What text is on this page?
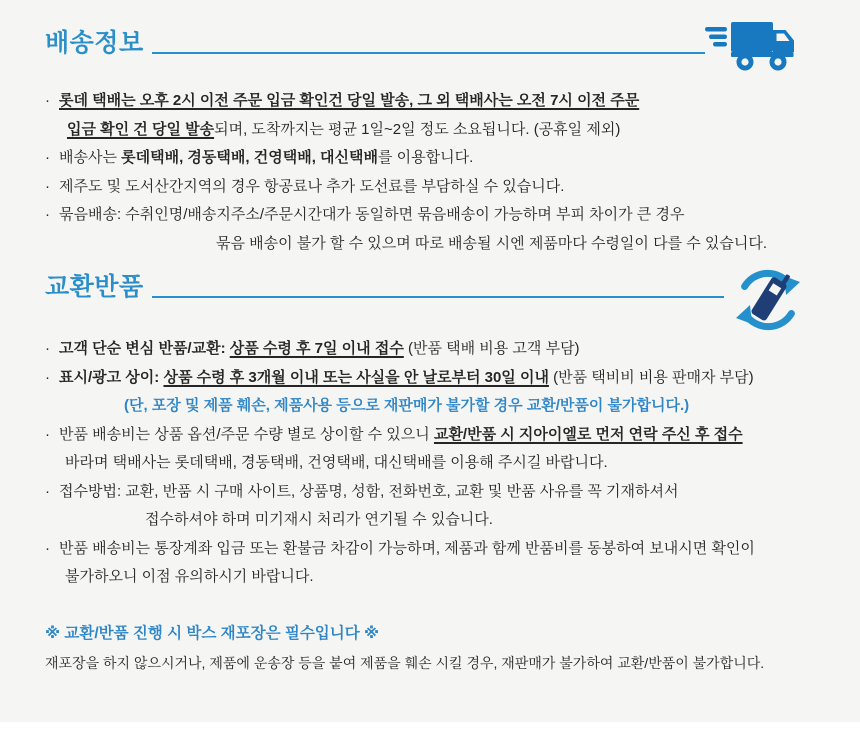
배송정보
· 롯데 택배는 오후 2시 이전 주문 입금 확인건 당일 발송, 그 외 택배사는 오전 7시 이전 주문
입금 확인 건 당일 발송되며, 도착까지는 평균 1일~2일 정도 소요됩니다. (공휴일 제외)
· 배송사는 롯데택배, 경동택배, 건영택배, 대신택배를 이용합니다.
· 제주도 및 도서산간지역의 경우 항공료나 추가 도선료를 부담하실 수 있습니다.
· 묶음배송: 수취인명/배송지주소/주문시간대가 동일하면 묶음배송이 가능하며 부피 차이가 큰 경우
묶음 배송이 불가 할 수 있으며 따로 배송될 시엔 제품마다 수령일이 다를 수 있습니다.
교환반품
· 고객 단순 변심 반품/교환: 상품 수령 후 7일 이내 접수 (반품 택배 비용 고객 부담)
· 표시/광고 상이: 상품 수령 후 3개월 이내 또는 사실을 안 날로부터 30일 이내 (반품 택비비 비용 판매자 부담)
(단, 포장 및 제품 훼손, 제품사용 등으로 재판매가 불가할 경우 교환/반품이 불가합니다.)
· 반품 배송비는 상품 옵션/주문 수량 별로 상이할 수 있으니 교환/반품 시 지아이엘로 먼저 연락 주신 후 접수
바라며 택배사는 롯데택배, 경동택배, 건영택배, 대신택배를 이용해 주시길 바랍니다.
· 접수방법: 교환, 반품 시 구매 사이트, 상품명, 성함, 전화번호, 교환 및 반품 사유를 꼭 기재하셔서
접수하셔야 하며 미기재시 처리가 연기될 수 있습니다.
· 반품 배송비는 통장계좌 입금 또는 환불금 차감이 가능하며, 제품과 함께 반품비를 동봉하여 보내시면 확인이
불가하오니 이점 유의하시기 바랍니다.
※ 교환/반품 진행 시 박스 재포장은 필수입니다 ※
재포장을 하지 않으시거나, 제품에 운송장 등을 붙여 제품을 훼손 시킬 경우, 재판매가 불가하여 교환/반품이 불가합니다.
